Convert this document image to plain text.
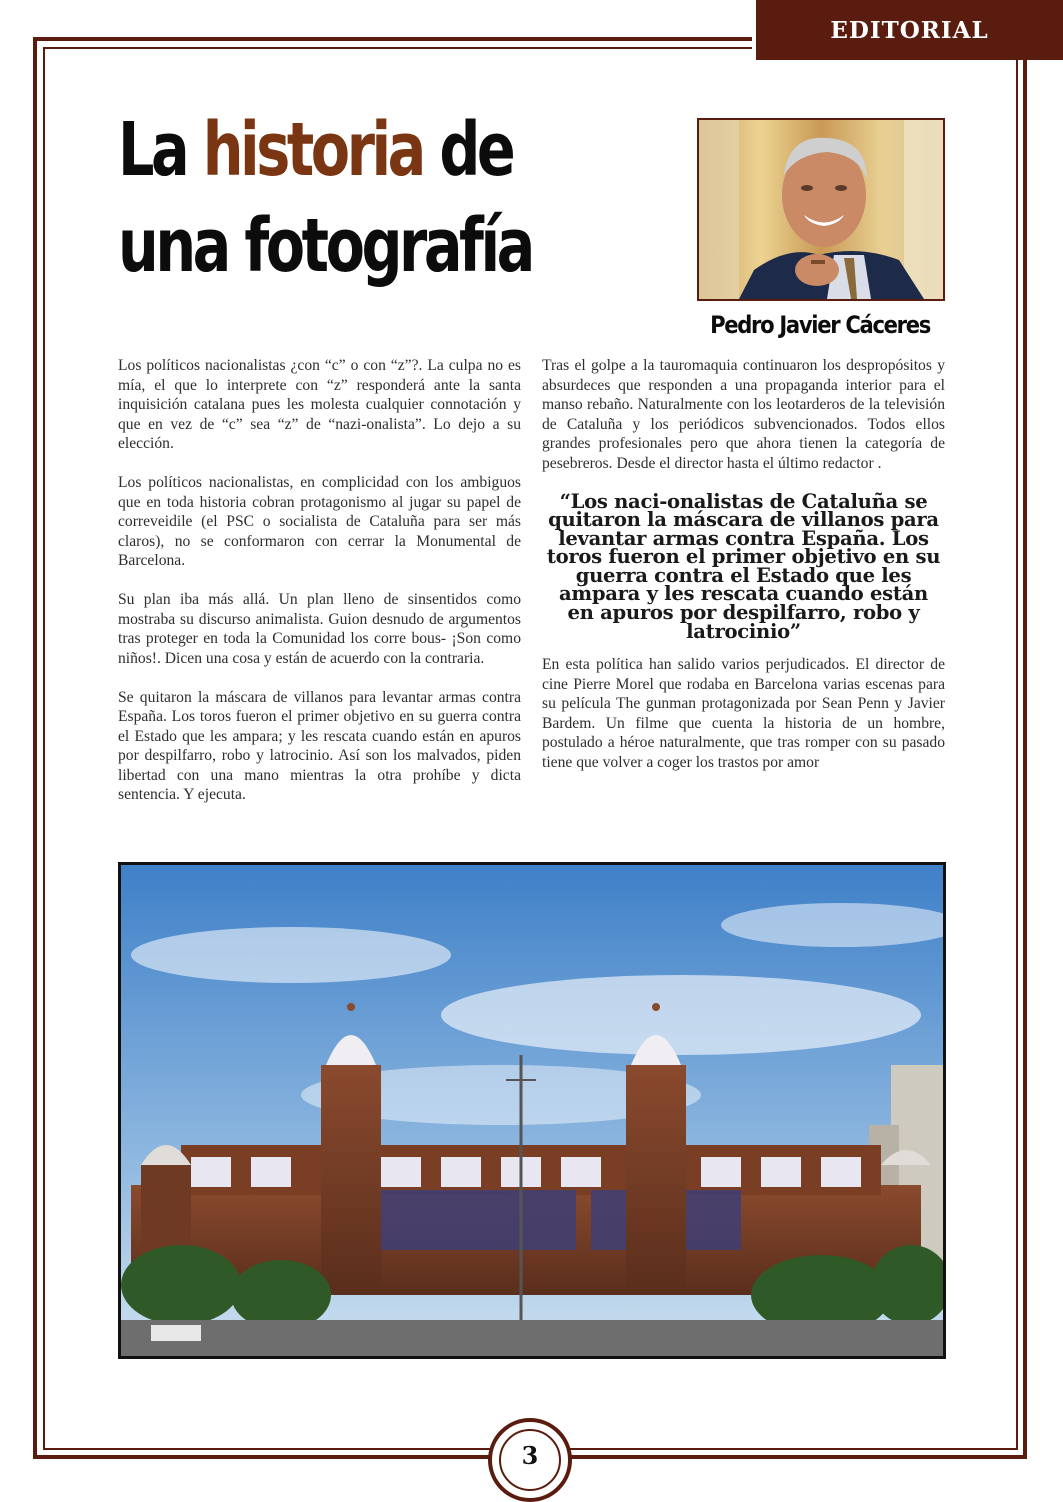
EDITORIAL
La historia de una fotografía

Pedro Javier Cáceres

Los políticos nacionalistas ¿con “c” o con “z”?. La culpa no es mía, el que lo interprete con “z” responderá ante la santa inquisición catalana pues les molesta cualquier connotación y que en vez de “c” sea “z” de “nazi-onalista”. Lo dejo a su elección.

Los políticos nacionalistas, en complicidad con los ambiguos que en toda historia cobran protagonismo al jugar su papel de correveidile (el PSC o socialista de Cataluña para ser más claros), no se conformaron con cerrar la Monumental de Barcelona.

Su plan iba más allá. Un plan lleno de sinsentidos como mostraba su discurso animalista. Guion desnudo de argumentos tras proteger en toda la Comunidad los corre bous- ¡Son como niños!. Dicen una cosa y están de acuerdo con la contraria.

Se quitaron la máscara de villanos para levantar armas contra España. Los toros fueron el primer objetivo en su guerra contra el Estado que les ampara; y les rescata cuando están en apuros por despilfarro, robo y latrocinio. Así son los malvados, piden libertad con una mano mientras la otra prohíbe y dicta sentencia. Y ejecuta.

Tras el golpe a la tauromaquia continuaron los despropósitos y absurdeces que responden a una propaganda interior para el manso rebaño. Naturalmente con los leotarderos de la televisión de Cataluña y los periódicos subvencionados. Todos ellos grandes profesionales pero que ahora tienen la categoría de pesebreros. Desde el director hasta el último redactor .

“Los naci-onalistas de Cataluña se quitaron la máscara de villanos para levantar armas contra España. Los toros fueron el primer objetivo en su guerra contra el Estado que les ampara y les rescata cuando están en apuros por despilfarro, robo y latrocinio”

En esta política han salido varios perjudicados. El director de cine Pierre Morel que rodaba en Barcelona varias escenas para su película The gunman protagonizada por Sean Penn y Javier Bardem. Un filme que cuenta la historia de un hombre, postulado a héroe naturalmente, que tras romper con su pasado tiene que volver a coger los trastos por amor

3
